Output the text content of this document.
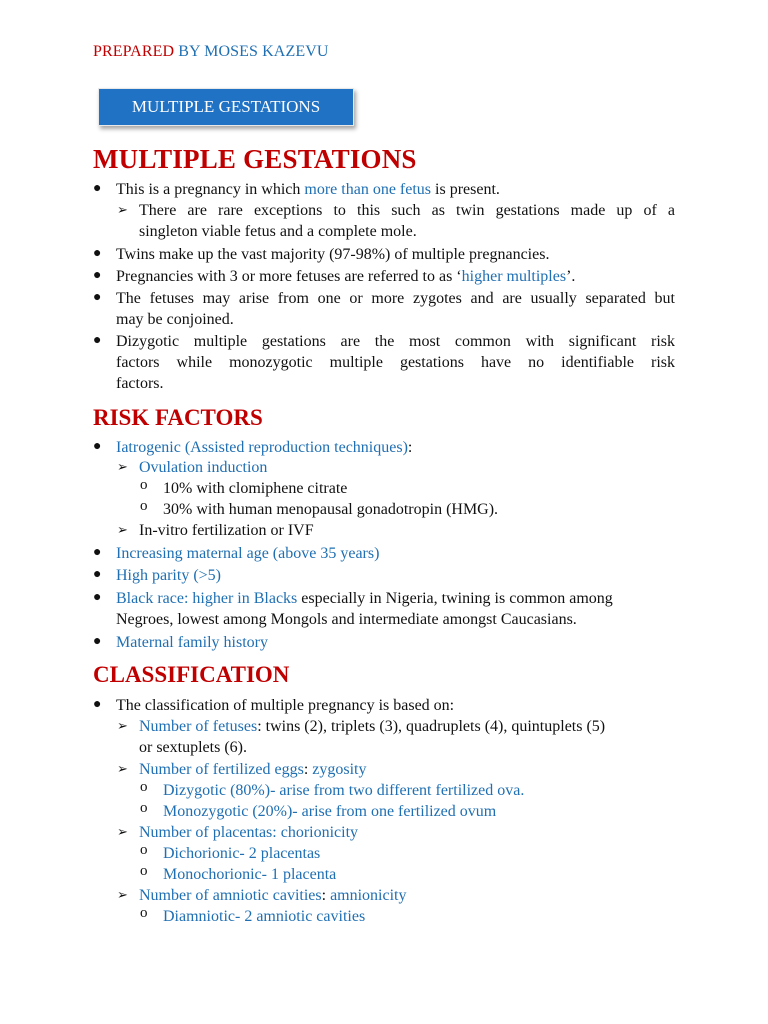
PREPARED BY MOSES KAZEVU
MULTIPLE GESTATIONS
MULTIPLE GESTATIONS
● This is a pregnancy in which more than one fetus is present.
➢ There are rare exceptions to this such as twin gestations made up of a
singleton viable fetus and a complete mole.
● Twins make up the vast majority (97-98%) of multiple pregnancies.
● Pregnancies with 3 or more fetuses are referred to as ‘higher multiples’.
● The fetuses may arise from one or more zygotes and are usually separated but
may be conjoined.
● Dizygotic multiple gestations are the most common with significant risk
factors while monozygotic multiple gestations have no identifiable risk
factors.
RISK FACTORS
● Iatrogenic (Assisted reproduction techniques):
➢ Ovulation induction
o 10% with clomiphene citrate
o 30% with human menopausal gonadotropin (HMG).
➢ In-vitro fertilization or IVF
● Increasing maternal age (above 35 years)
● High parity (>5)
● Black race: higher in Blacks especially in Nigeria, twining is common among
Negroes, lowest among Mongols and intermediate amongst Caucasians.
● Maternal family history
CLASSIFICATION
● The classification of multiple pregnancy is based on:
➢ Number of fetuses: twins (2), triplets (3), quadruplets (4), quintuplets (5)
or sextuplets (6).
➢ Number of fertilized eggs: zygosity
o Dizygotic (80%)- arise from two different fertilized ova.
o Monozygotic (20%)- arise from one fertilized ovum
➢ Number of placentas: chorionicity
o Dichorionic- 2 placentas
o Monochorionic- 1 placenta
➢ Number of amniotic cavities: amnionicity
o Diamniotic- 2 amniotic cavities
